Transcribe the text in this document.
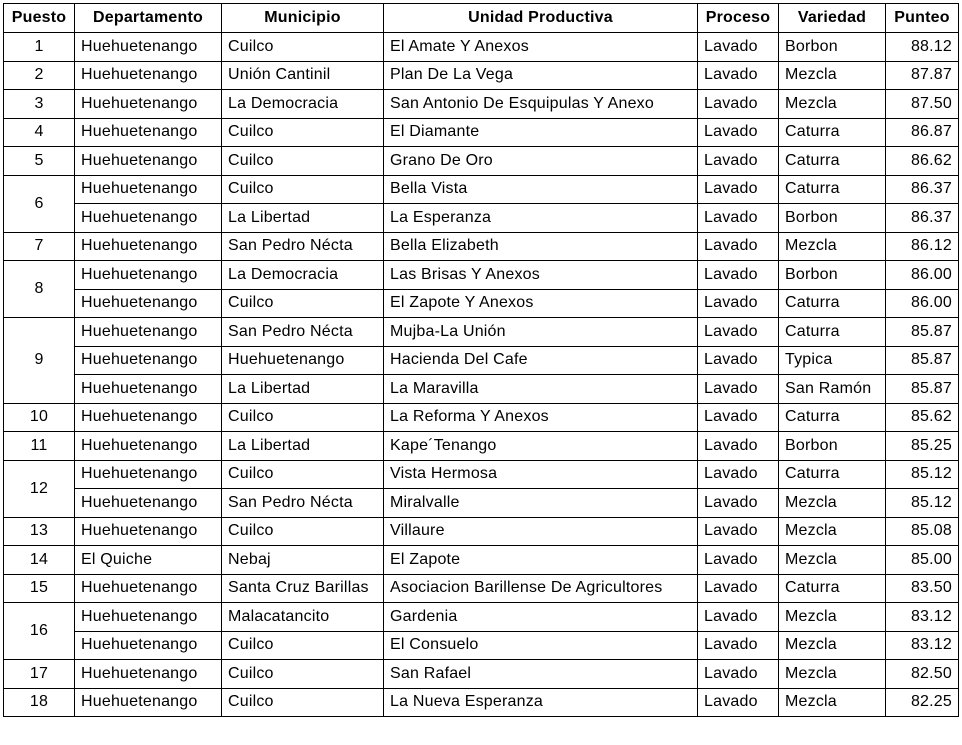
Puesto	Departamento	Municipio	Unidad Productiva	Proceso	Variedad	Punteo
1	Huehuetenango	Cuilco	El Amate Y Anexos	Lavado	Borbon	88.12
2	Huehuetenango	Unión Cantinil	Plan De La Vega	Lavado	Mezcla	87.87
3	Huehuetenango	La Democracia	San Antonio De Esquipulas Y Anexo	Lavado	Mezcla	87.50
4	Huehuetenango	Cuilco	El Diamante	Lavado	Caturra	86.87
5	Huehuetenango	Cuilco	Grano De Oro	Lavado	Caturra	86.62
6	Huehuetenango	Cuilco	Bella Vista	Lavado	Caturra	86.37
	Huehuetenango	La Libertad	La Esperanza	Lavado	Borbon	86.37
7	Huehuetenango	San Pedro Nécta	Bella Elizabeth	Lavado	Mezcla	86.12
8	Huehuetenango	La Democracia	Las Brisas Y Anexos	Lavado	Borbon	86.00
	Huehuetenango	Cuilco	El Zapote Y Anexos	Lavado	Caturra	86.00
9	Huehuetenango	San Pedro Nécta	Mujba-La Unión	Lavado	Caturra	85.87
	Huehuetenango	Huehuetenango	Hacienda Del Cafe	Lavado	Typica	85.87
	Huehuetenango	La Libertad	La Maravilla	Lavado	San Ramón	85.87
10	Huehuetenango	Cuilco	La Reforma Y Anexos	Lavado	Caturra	85.62
11	Huehuetenango	La Libertad	Kape´Tenango	Lavado	Borbon	85.25
12	Huehuetenango	Cuilco	Vista Hermosa	Lavado	Caturra	85.12
	Huehuetenango	San Pedro Nécta	Miralvalle	Lavado	Mezcla	85.12
13	Huehuetenango	Cuilco	Villaure	Lavado	Mezcla	85.08
14	El Quiche	Nebaj	El Zapote	Lavado	Mezcla	85.00
15	Huehuetenango	Santa Cruz Barillas	Asociacion Barillense De Agricultores	Lavado	Caturra	83.50
16	Huehuetenango	Malacatancito	Gardenia	Lavado	Mezcla	83.12
	Huehuetenango	Cuilco	El Consuelo	Lavado	Mezcla	83.12
17	Huehuetenango	Cuilco	San Rafael	Lavado	Mezcla	82.50
18	Huehuetenango	Cuilco	La Nueva Esperanza	Lavado	Mezcla	82.25
